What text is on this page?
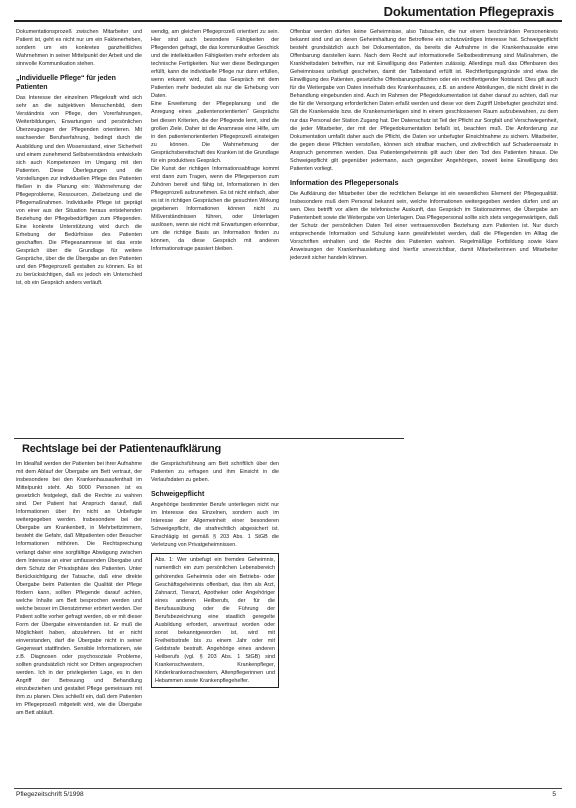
Dokumentation Pflegepraxis

Dokumentationsprozeß zwischen Mitarbeiter und Patient ist, geht es nicht nur um ein Faktenerheben, sondern um ein konkretes ganzheitliches Wahrnehmen in seiner Mittelpunkt der Arbeit und die sinnvolle Kommunikation stehen.

„Individuelle Pflege“ für jeden Patienten

Das Interesse der einzelnen Pflegekraft wird sich sehr an die subjektiven Menschenbild, dem Verständnis von Pflege, den Vorerfahrungen, Weiterbildungen, Erwartungen und persönlichen Überzeugungen der Pflegenden orientieren. Mit wachsender Berufserfahrung, bedingt durch die Ausbildung und den Wissensstand, einer Sicherheit und einem zunehmend Selbstverständnis entwickeln sich auch Kompetenzen im Umgang mit den Patienten. Diese Überlegungen und die Vorstellungen zur individuellen Pflege des Patienten fließen in die Planung ein: Wahrnehmung der Pflegeprobleme, Ressourcen, Zielsetzung und die Pflegemaßnahmen. Individuelle Pflege ist geprägt von einer aus der Situation heraus entstehenden Beziehung der Pflegebedürftigen zum Pflegenden. Eine konkrete Unterstützung wird durch die Erhebung der Bedürfnisse des Patienten geschaffen. Die Pflegeanamnese ist das erste Gespräch über die Grundlage für weitere Gespräche, über die die Übergabe an den Patienten und den Pflegeprozeß gestalten zu können. Es ist zu berücksichtigen, daß es jedoch ein Unterschied ist, ob ein Gespräch anders verläuft.

wendig, am gleichen Pflegeprozeß orientiert zu sein. Hier sind auch besondere Fähigkeiten der Pflegenden gefragt, die das kommunikative Geschick und die intellektuellen Fähigkeiten mehr erfordern als technische Fertigkeiten. Nur wer diese Bedingungen erfüllt, kann die individuelle Pflege nur dann erfüllen, wenn erkannt wird, daß das Gespräch mit dem Patienten mehr bedeutet als nur die Erhebung von Daten.

Eine Erweiterung der Pflegeplanung und die Anregung eines „patientenorientierten“ Gesprächs bei diesen Kriterien, die der Pflegende lernt, sind die großen Ziele. Daher ist die Anamnese eine Hilfe, um in den patientenorientierten Pflegeprozeß einsteigen zu können. Die Wahrnehmung der Gesprächsbereitschaft des Kranken ist die Grundlage für ein produktives Gespräch.

Die Kunst der richtigen Informationsabfrage kommt erst dann zum Tragen, wenn die Pflegeperson zum Zuhören bereit und fähig ist, Informationen in den Pflegeprozeß aufzunehmen. Es ist nicht einfach, aber es ist in richtigen Gesprächen die gesuchten Wirkung gegebenen Informationen können nicht zu Mißverständnissen führen, oder Unterlagen auslösen, wenn sie nicht mit Erwartungen erkennbar, um die richtige Basis an Information finden zu können, da diese Gespräch mit anderen Informationstrage passiert bleiben.

Offenbar werden dürfen keine Geheimnisse, also Tatsachen, die nur einem beschränkten Personenkreis bekannt sind und an deren Geheimhaltung der Betroffene ein schutzwürdiges Interesse hat. Schweigepflicht besteht grundsätzlich auch bei Dokumentation, da bereits die Aufnahme in die Krankenhausakte eine Offenbarung darstellen kann. Nach dem Recht auf informationelle Selbstbestimmung sind Maßnahmen, die Krankheitsdaten betreffen, nur mit Einwilligung des Patienten zulässig. Allerdings muß das Offenbaren des Geheimnisses unbefugt geschehen, damit der Tatbestand erfüllt ist. Rechtfertigungsgründe sind etwa die Einwilligung des Patienten, gesetzliche Offenbarungspflichten oder ein rechtfertigender Notstand. Dies gilt auch für die Weitergabe von Daten innerhalb des Krankenhauses, z.B. an andere Abteilungen, die nicht direkt in die Behandlung eingebunden sind. Auch im Rahmen der Pflegedokumentation ist daher darauf zu achten, daß nur die für die Versorgung erforderlichen Daten erfaßt werden und diese vor dem Zugriff Unbefugter geschützt sind. Gilt die Krankenakte bzw. die Krankenunterlagen sind in einem geschlossenen Raum aufzubewahren, zu dem nur das Personal der Station Zugang hat. Der Datenschutz ist Teil der Pflicht zur Sorgfalt und Verschwiegenheit, die jeder Mitarbeiter, der mit der Pflegedokumentation befaßt ist, beachten muß. Die Anforderung zur Dokumentation umfaßt daher auch die Pflicht, die Daten vor unbefugter Einsichtnahme zu sichern. Mitarbeiter, die gegen diese Pflichten verstoßen, können sich strafbar machen, und zivilrechtlich auf Schadensersatz in Anspruch genommen werden. Das Patientengeheimnis gilt auch über den Tod des Patienten hinaus. Die Schweigepflicht gilt gegenüber jedermann, auch gegenüber Angehörigen, soweit keine Einwilligung des Patienten vorliegt.

Information des Pflegepersonals

Die Aufklärung der Mitarbeiter über die rechtlichen Belange ist ein wesentliches Element der Pflegequalität. Insbesondere muß dem Personal bekannt sein, welche Informationen weitergegeben werden dürfen und an wen. Dies betrifft vor allem die telefonische Auskunft, das Gespräch im Stationszimmer, die Übergabe am Patientenbett sowie die Weitergabe von Unterlagen. Das Pflegepersonal sollte sich stets vergegenwärtigen, daß der Schutz der persönlichen Daten Teil einer vertrauensvollen Beziehung zum Patienten ist. Nur durch entsprechende Information und Schulung kann gewährleistet werden, daß die Pflegenden im Alltag die Vorschriften einhalten und die Rechte des Patienten wahren. Regelmäßige Fortbildung sowie klare Anweisungen der Krankenhausleitung sind hierfür unverzichtbar, damit Mitarbeiterinnen und Mitarbeiter jederzeit sicher handeln können.

Rechtslage bei der Patientenaufklärung

Im Idealfall werden der Patienten bei ihrer Aufnahme mit dem Ablauf der Übergabe am Bett vertraut, der insbesondere bei den Krankenhausaufenthalt im Mittelpunkt steht. Ab 9000 Personen ist es gesetzlich festgelegt, daß die Rechte zu wahren sind. Der Patient hat Anspruch darauf, daß Informationen über ihn nicht an Unbefugte weitergegeben werden. Insbesondere bei der Übergabe am Krankenbett, in Mehrbettzimmern, besteht die Gefahr, daß Mitpatienten oder Besucher Informationen mithören. Die Rechtsprechung verlangt daher eine sorgfältige Abwägung zwischen dem Interesse an einer umfassenden Übergabe und dem Schutz der Privatsphäre des Patienten. Unter Berücksichtigung der Tatsache, daß eine direkte Übergabe beim Patienten die Qualität der Pflege fördern kann, sollten Pflegende darauf achten, welche Inhalte am Bett besprochen werden und welche besser im Dienstzimmer erörtert werden. Der Patient sollte vorher gefragt werden, ob er mit dieser Form der Übergabe einverstanden ist. Er muß die Möglichkeit haben, abzulehnen. Ist er nicht einverstanden, darf die Übergabe nicht in seiner Gegenwart stattfinden. Sensible Informationen, wie z.B. Diagnosen oder psychosoziale Probleme, sollten grundsätzlich nicht vor Dritten angesprochen werden. Ich in der privilegierten Lage, es in den Angriff der Betreuung und Behandlung einzubeziehen und gestaltet Pflege gemeinsam mit ihm zu planen. Dies schließt ein, daß dem Patienten im Pflegeprozeß mitgeteilt wird, wie die Übergabe am Bett abläuft.

die Gesprächsführung am Bett schriftlich über den Patienten zu erfragen und ihm Einsicht in die Verlaufsdaten zu geben.

Schweigepflicht

Angehörige bestimmter Berufe unterliegen nicht nur im Interesse des Einzelnen, sondern auch im Interesse der Allgemeinheit einer besonderen Schweigepflicht, die strafrechtlich abgesichert ist. Einschlägig ist gemäß § 203 Abs. 1 StGB die Verletzung von Privatgeheimnissen.

Abs. 1: Wer unbefugt ein fremdes Geheimnis, namentlich ein zum persönlichen Lebensbereich gehörendes Geheimnis oder ein Betriebs- oder Geschäftsgeheimnis offenbart, das ihm als Arzt, Zahnarzt, Tierarzt, Apotheker oder Angehöriger eines anderen Heilberufs, der für die Berufsausübung oder die Führung der Berufsbezeichnung eine staatlich geregelte Ausbildung erfordert, anvertraut worden oder sonst bekanntgeworden ist, wird mit Freiheitsstrafe bis zu einem Jahr oder mit Geldstrafe bestraft. Angehörige eines anderen Heilberufs (vgl. § 203 Abs. 1 StGB) sind Krankenschwestern, Krankenpfleger, Kinderkrankenschwestern, Altenpflegerinnen und Hebammen sowie Krankenpflegehelfer.
Pflegezeitschrift 5/1998	5
